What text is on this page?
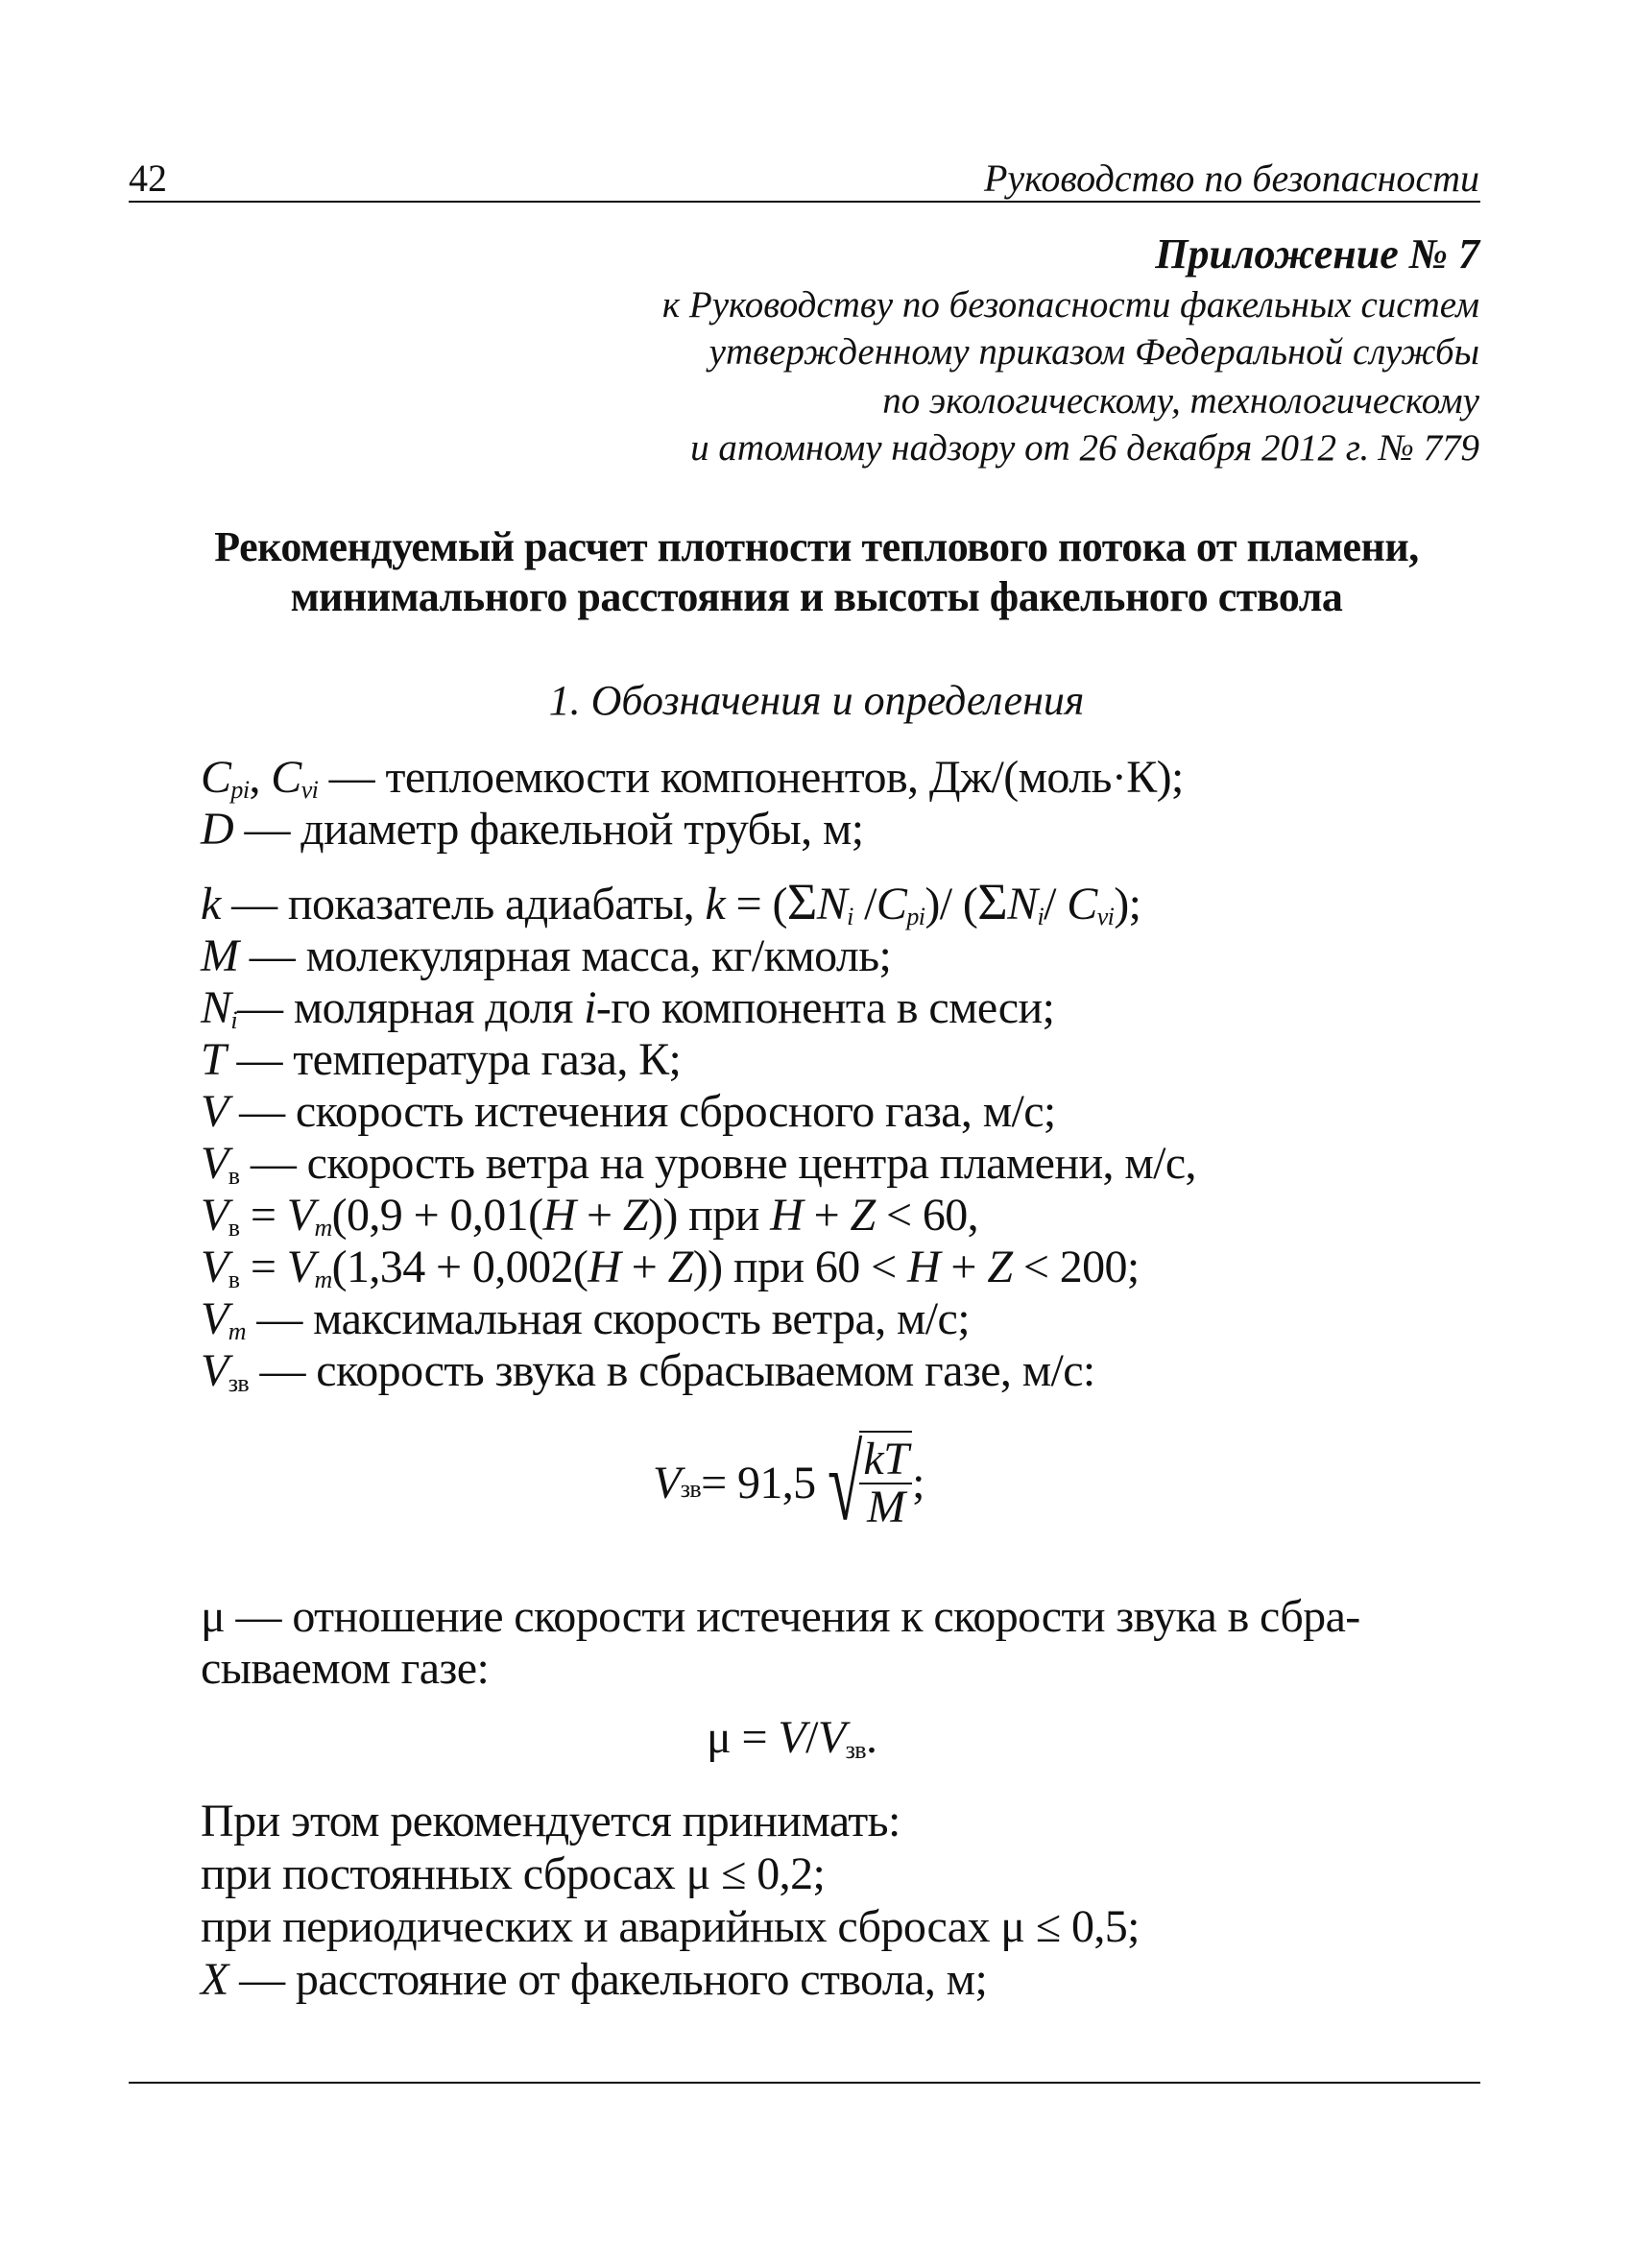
42	Руководство по безопасности
Приложение № 7
к Руководству по безопасности факельных систем
утвержденному приказом Федеральной службы
по экологическому, технологическому
и атомному надзору от 26 декабря 2012 г. № 779
Рекомендуемый расчет плотности теплового потока от пламени,
минимального расстояния и высоты факельного ствола
1. Обозначения и определения
Cpi, Cvi — теплоемкости компонентов, Дж/(моль·К);
D — диаметр факельной трубы, м;
k — показатель адиабаты, k = (ΣNi /Cpi)/ (ΣNi/ Cvi);
M — молекулярная масса, кг/кмоль;
Ni— молярная доля i-го компонента в смеси;
T — температура газа, К;
V — скорость истечения сбросного газа, м/с;
Vв — скорость ветра на уровне центра пламени, м/с,
Vв = Vm(0,9 + 0,01(H + Z)) при H + Z < 60,
Vв = Vm(1,34 + 0,002(H + Z)) при 60 < H + Z < 200;
Vm — максимальная скорость ветра, м/с;
Vзв — скорость звука в сбрасываемом газе, м/с:
V зв = 91,5 √
$\frac{kT}{M}$ ;
μ — отношение скорости истечения к скорости звука в сбра-
сываемом газе:
μ = V/Vзв.
При этом рекомендуется принимать:
при постоянных сбросах μ ≤ 0,2;
при периодических и аварийных сбросах μ ≤ 0,5;
X — расстояние от факельного ствола, м;
